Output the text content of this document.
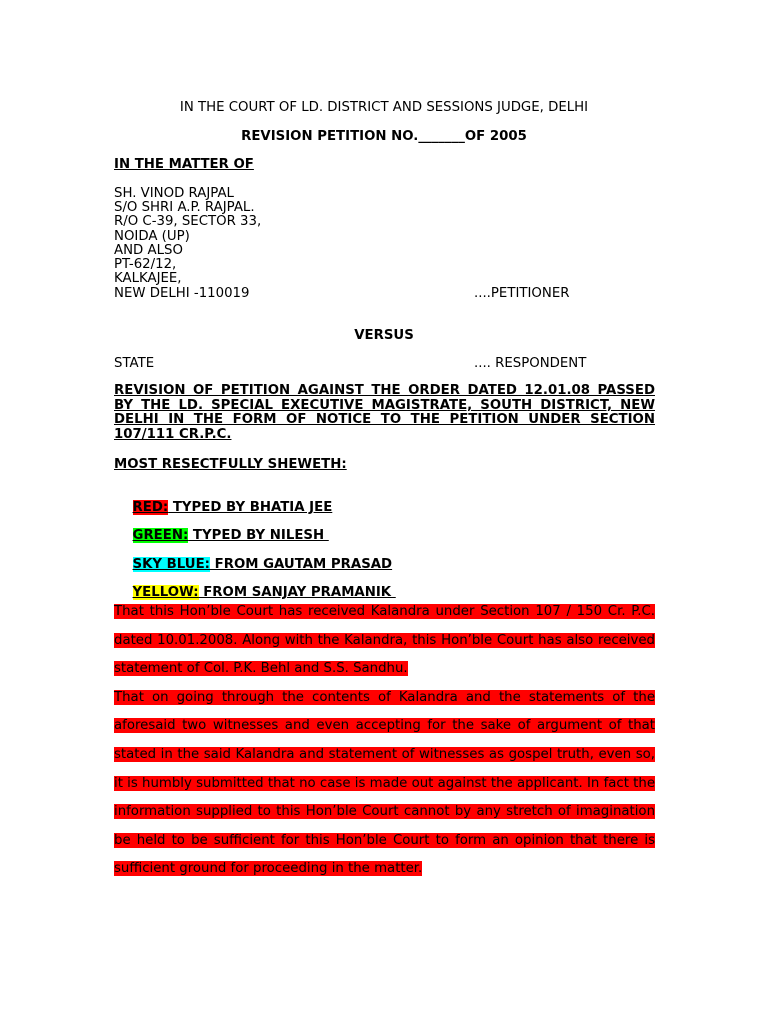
IN THE COURT OF LD. DISTRICT AND SESSIONS JUDGE, DELHI
REVISION PETITION NO._______OF 2005
IN THE MATTER OF
SH. VINOD RAJPAL
S/O SHRI A.P. RAJPAL.
R/O C-39, SECTOR 33,
NOIDA (UP)
AND ALSO
PT-62/12,
KALKAJEE,
NEW DELHI -110019	....PETITIONER
VERSUS
STATE	.... RESPONDENT
REVISION OF PETITION AGAINST THE ORDER DATED 12.01.08 PASSED BY THE LD. SPECIAL EXECUTIVE MAGISTRATE, SOUTH DISTRICT, NEW DELHI IN THE FORM OF NOTICE TO THE PETITION UNDER SECTION 107/111 CR.P.C.
MOST RESECTFULLY SHEWETH:

RED: TYPED BY BHATIA JEE

GREEN: TYPED BY NILESH

SKY BLUE: FROM GAUTAM PRASAD

YELLOW: FROM SANJAY PRAMANIK

That this Hon’ble Court has received Kalandra under Section 107 / 150 Cr. P.C. dated 10.01.2008. Along with the Kalandra, this Hon’ble Court has also received statement of Col. P.K. Behl and S.S. Sandhu.

That on going through the contents of Kalandra and the statements of the aforesaid two witnesses and even accepting for the sake of argument of that stated in the said Kalandra and statement of witnesses as gospel truth, even so, it is humbly submitted that no case is made out against the applicant. In fact the information supplied to this Hon’ble Court cannot by any stretch of imagination be held to be sufficient for this Hon’ble Court to form an opinion that there is sufficient ground for proceeding in the matter.
